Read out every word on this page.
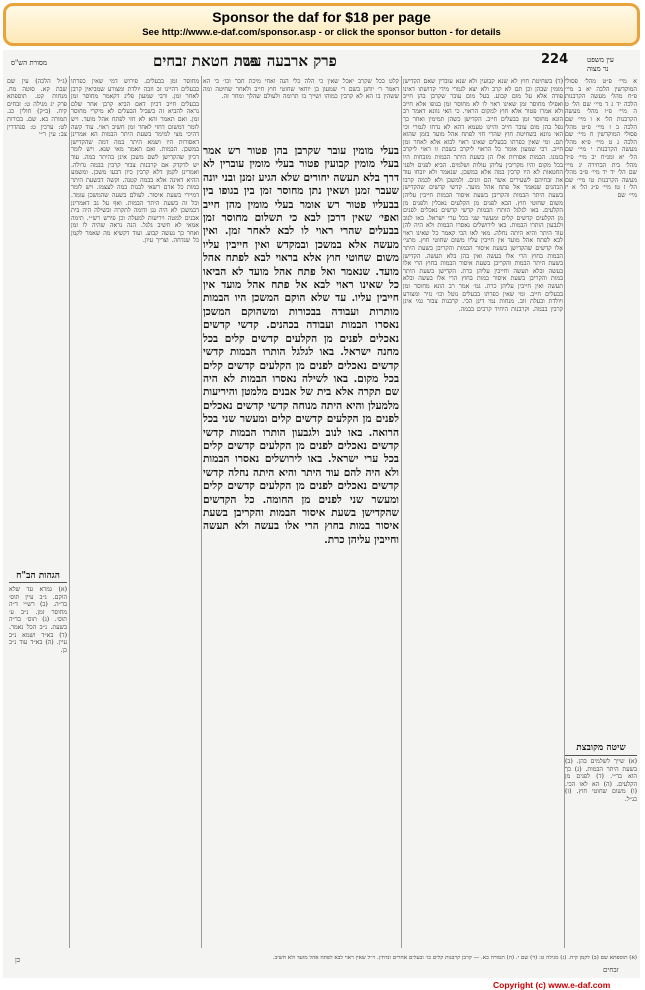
Sponsor the daf for $18 per page
See http://www.e-daf.com/sponsor.asp - or click the sponsor button - for details
224
פרק ארבעה עשר
פרת חטאת זבחים
מסורת הש"ס	עין משפט
נר מצוה
א מיי׳ פ״ט מהל׳ פסולי המוקדשין הלכה יא ב מיי׳ פ״ח מהל׳ מעשה הקרבנות הלכה יד ג ד מיי׳ שם הל׳ ט ה מיי׳ פ״ו מהל׳ מעשה הקרבנות הל׳ א ו מיי׳ שם הלכה ב ז מיי׳ פ״ט מהל׳ פסולי המוקדשין ח מיי׳ שם הלכה ג ט מיי׳ פ״א מהל׳ מעשה הקרבנות י מיי׳ שם הל׳ יא ומנ״ח יב מיי׳ פ״ד מהל׳ בית הבחירה יג מיי׳ שם הל׳ יד יד מיי׳ פ״ב מהל׳ מעשה הקרבנות טו מיי׳ שם הל׳ ז טז מיי׳ פ״ג הל׳ א יז מיי׳ שם
(ד) בשחיטת חוץ לא שנא קבועין ולא שנא עוברין שאם הקדישן מומין שבהן וכן תם לא קרב ולא יצא לגמרי מידי קדושתו דאינו פודה אלא על מום קבוע. בעל מום עובר שקרבן בהן חייב ואפילו מחוסר זמן שאינו ראוי לו לא מחוסר זמן בגופו אלא חייב ולא אמרו פטור אלא חוץ למקום הראוי. כי האי גוונא דאמר רב הונא מחוסר זמן בבעלים חייב. הקדישן כשהן תמימין ואחר כך נפל בהן מום עובר חייב והיינו טעמא דהא לא נדחו לגמרי וכי האי גוונא בשחיטת חוץ שהרי חזי לפתח אהל מועד בזמן שהוא תם. ומי שאין כפרתו בבעלים שאינו ראוי לבוא אלא לאחר זמן חייב. רבי שמעון אומר כל הראוי ליקרב בשבת זו ראוי ליקרב בזמנו. הבמות אסורות אלו הן בשעת היתר הבמות מזבחות היו בכל מקום והיו מקריבין עליהן עולות ושלמים. הביא לפנים ולפני החטאות לא היו קרבין במה אלא במשכן. שנאמר ולא יזבחו עוד את זבחיהם לשעירים אשר הם זונים. ולמשכן ולא לבמה קרבו הכהנים שנאמר אל פתח אהל מועד. קדשי קדשים שהקדישן בשעת היתר הבמות והקריבן בשעת איסור הבמות חייבין עליהן משום שחוטי חוץ. הבא לפנים מן הקלעים נאכלין ולפנים מן הקלעים. באו לגלגל הותרו הבמות קדשי קדשים נאכלים לפנים מן הקלעים קדשים קלים ומעשר שני בכל ערי ישראל. באו לנוב ולגבעון הותרו הבמות. באו לירושלים נאסרו הבמות ולא היה להן עוד היתר והיא היתה נחלה. מאי לאו הכי קאמר כל שאינו ראוי לבא לפתח אהל מועד אין חייבין עליו משום שחוטי חוץ. מתני׳ אלו קדשים שהקדישן בשעת איסור הבמות והקריבן בשעת היתר הבמות בחוץ הרי אלו בעשה ואין בהן בלא תעשה. הקדישן בשעת היתר הבמות והקריבן בשעת איסור הבמות בחוץ הרי אלו בעשה ובלא תעשה וחייבין עליהן כרת. הקדישן בשעת היתר במות והקריבן בשעת איסור במות בחוץ הרי אלו בעשה ובלא תעשה ואין חייבין עליהן כרת. גמ׳ אמר רב הונא מחוסר זמן בבעלים חייב. ומי שאין כפרתו בבעלים נוטל וכו׳ נזיר ומצורע ויולדת ובעלת זוב. מנחות נמי דינן הכי. קרבנות צבור נמי אינן קרבין בבמה. וקרבנות היחיד קרבים בבמה.
בעלי מומין עובר שקרבן בהן פטור רש אמר בעלי מומין קבועין פטור בעלי מומין עוברין לא דרך בלא תעשה יחורים שלא הגיע זמנן ובני יונה שעבר זמנן ושאין נתן מחוסר זמן בין בגופו בין בבעליו פטור רש אומר בעלי מומין מהן חייב ואפי׳ שאין דרכן לבא כי תשלום מחוסר זמן בבעלים שהרי ראוי לו לבא לאחר זמן. ואין מעשה אלא במשכן ובמקדש ואין חייבין עליו משום שחוטי חוץ אלא בראוי לבא לפתח אהל מועד. שנאמר ואל פתח אהל מועד לא הביאו כל שאינו ראוי לבא אל פתח אהל מועד אין חייבין עליו. עד שלא הוקם המשכן היו הבמות מותרות ועבודה בבכורות ומשהוקם המשכן נאסרו הבמות ועבודה בכהנים. קדשי קדשים נאכלים לפנים מן הקלעים קדשים קלים בכל מחנה ישראל. באו לגלגל הותרו הבמות קדשי קדשים נאכלים לפנים מן הקלעים קדשים קלים בכל מקום. באו לשילה נאסרו הבמות לא היה שם תקרה אלא בית של אבנים מלמטן והיריעות מלמעלן והיא היתה מנוחה קדשי קדשים נאכלים לפנים מן הקלעים קדשים קלים ומעשר שני בכל הרואה. באו לנוב ולגבעון הותרו הבמות קדשי קדשים נאכלים לפנים מן הקלעים קדשים קלים בכל ערי ישראל. באו לירושלים נאסרו הבמות ולא היה להם עוד היתר והיא היתה נחלה קדשי קדשים נאכלים לפנים מן הקלעים קדשים קלים ומעשר שני לפנים מן החומה. כל הקדשים שהקדישן בשעת איסור הבמות והקריבן בשעת איסור במות בחוץ הרי אלו בעשה ולא תעשה וחייבין עליהן כרת.
קלט ככל שקרב יאכל שאין כי הלה כלי הגה ואחי מיכת חבר וכו׳ כי הא דאמר ר׳ יוחנן בשם ר׳ שמעון בן יוחאי שחוטי חוץ חייב ולאחר שחיטה ומה ששהין בו הא לא קרבין כמוהו ושייך בו תרומה ולעולם שהלך ומחר זה.
מחוסר זמן בבעלים. פירוש דמי שאין כפרתו בבעלים דהיינו זב וזבה יולדת ומצורע שמביאין קרבן לאחר זמן. ורבי שמעון פליג דקאמר מחוסר זמן בבעלים חייב דכיון דאם הביא קרבן אחר שלם נראה להביא זה בשביל הבעלים לא מיקרי מחוסר זמן. ואם תאמר והא לא חזי לפתח אהל מועד. ויש לומר דמשום דחזי לאחר זמן חשיב ראוי. עוד קשה דהיכי מצי למימר בשעת היתר הבמות הא אמרינן דאסורות היו ושמא היתר במה דמה שהקדישן במשכן. הבמות. ואם תאמר מאי שנא. ויש לומר דכיון שהקדישן לשם משכן אינן בהיתר במה. עוד יש לדקדק אם קרבנות צבור קרבין בבמה גדולה. ואמרינן לקמן דלא קרבין כיון דבעו משכן. ומשמע ההיא דאינה אלא בבמה קטנה. וקשה דבשעת היתר במות כל אדם רשאי לבנות במה לעצמו. ויש לומר דמיירי בשעת איסור. לעולם בשעה שהמשכן עומד. וכל זה בשעת היתר הבמות. ואף על גב דאמרינן דבמשכן לא היה גגן ודומה לתקרה ובשילה היה בית אבנים למטה ויריעות למעלה וכן פירש רש״י. תימה אמאי לא חשיב גלגל. הנה נראה שהיה לו זמן ואחר כך נעשה קבוע. ועוד דקשיא מה שאמר לקמן כל שנדחה. וצריך עיון.
(ג״ל הלכה) עין שם שבת קא. סוטה מח. מנחות קט. תוספתא פרק יג מגילה ט: זבחים קיח. (ב״ק) חולין כג. תמורה כא. שם. בכורות לט: ערכין ט: סנהדרין צב: עין ר״י
הגהות הב"ח
(א) גמרא עד שלא הוקם. נ״ב עיין תוס׳ בד״ה. (ב) רש״י ד״ה מחוסר זמן. נ״ב ע׳ תוס׳. (ג) תוס׳ בד״ה בשעת. נ״ב הכל נאמר. (ד) בא״ד ושמא נ״ב עיין. (ה) בא״ד עוד נ״ב כן.
שיטה מקובצת
(א) שייך לשלמים בהן. (ב) בשעת היתר הבמות. (ג) כך הוא בד״י. (ד) לפנים מן הקלעים. (ה) הא לאו הכי. (ו) משום שחוטי חוץ. (ז) כנ״ל.
(א) תוספתא שם (ב) לקמן קיח. (ג) מגילה ט: (ד) שם י. (ה) תמורה כא. — קרבן קרבנות קלים כו׳ ובעלים אחרים ונדחין. וי״ל שאין ראוי לבא לפתח אהל מועד ולא חשיב.
כן
זבחים
Copyright (c) www.e-daf.com
